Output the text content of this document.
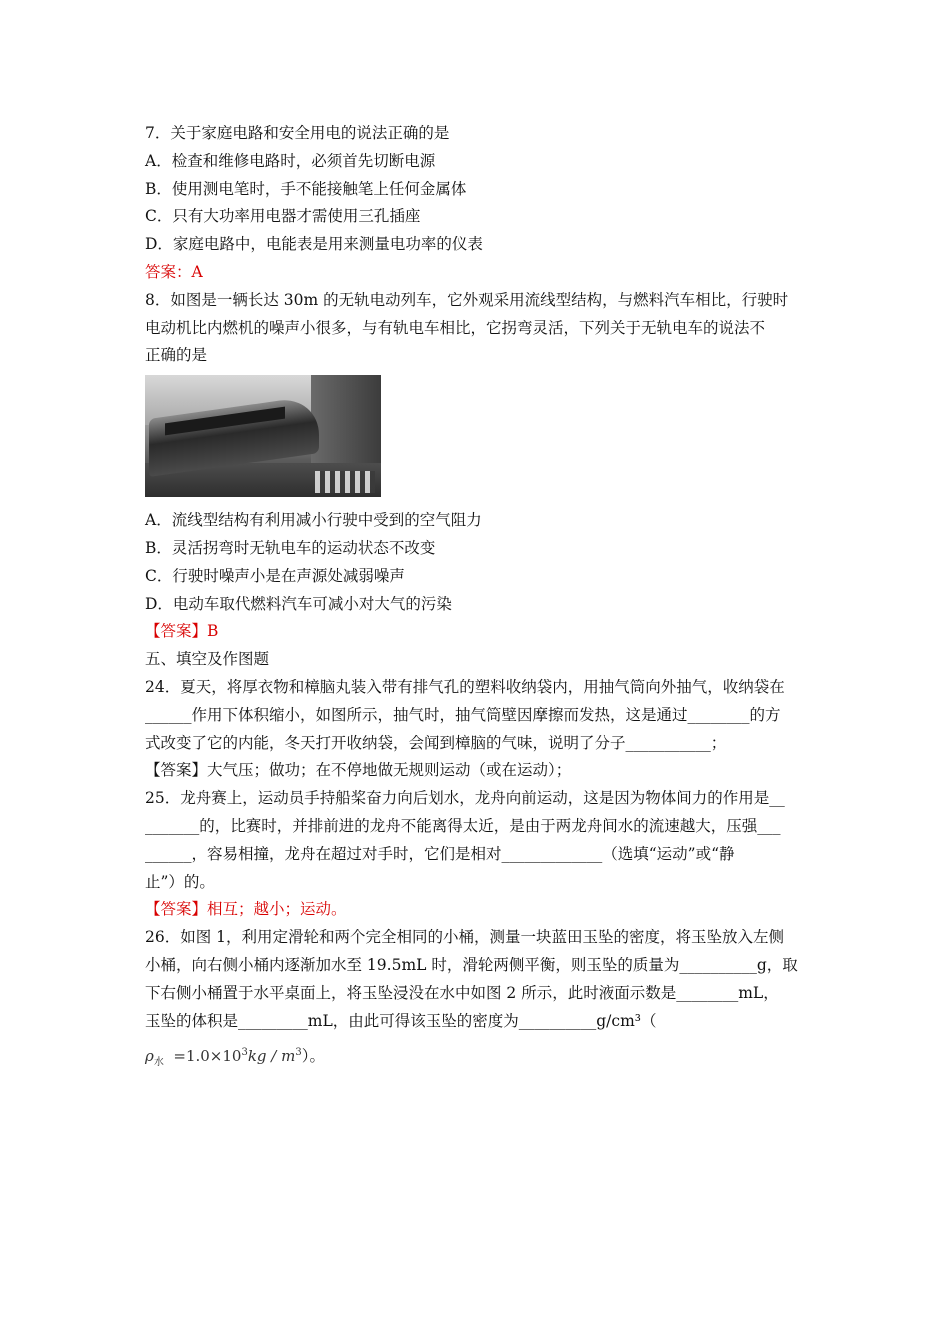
7．关于家庭电路和安全用电的说法正确的是
A．检查和维修电路时，必须首先切断电源
B．使用测电笔时，手不能接触笔上任何金属体
C．只有大功率用电器才需使用三孔插座
D．家庭电路中，电能表是用来测量电功率的仪表
答案：A
8．如图是一辆长达 30m 的无轨电动列车，它外观采用流线型结构，与燃料汽车相比，行驶时
电动机比内燃机的噪声小很多，与有轨电车相比，它拐弯灵活，下列关于无轨电车的说法不
正确的是
A．流线型结构有利用减小行驶中受到的空气阻力
B．灵活拐弯时无轨电车的运动状态不改变
C．行驶时噪声小是在声源处减弱噪声
D．电动车取代燃料汽车可减小对大气的污染
【答案】B
五、填空及作图题
24．夏天，将厚衣物和樟脑丸装入带有排气孔的塑料收纳袋内，用抽气筒向外抽气，收纳袋在
______作用下体积缩小，如图所示，抽气时，抽气筒壁因摩擦而发热，这是通过________的方
式改变了它的内能，冬天打开收纳袋，会闻到樟脑的气味，说明了分子___________；
【答案】大气压；做功；在不停地做无规则运动（或在运动）；
25．龙舟赛上，运动员手持船桨奋力向后划水，龙舟向前运动，这是因为物体间力的作用是__
_______的，比赛时，并排前进的龙舟不能离得太近，是由于两龙舟间水的流速越大，压强___
______，容易相撞，龙舟在超过对手时，它们是相对_____________（选填“运动”或“静
止”）的。
【答案】相互；越小；运动。
26．如图 1，利用定滑轮和两个完全相同的小桶，测量一块蓝田玉坠的密度，将玉坠放入左侧
小桶，向右侧小桶内逐渐加水至 19.5mL 时，滑轮两侧平衡，则玉坠的质量为__________g，取
下右侧小桶置于水平桌面上，将玉坠浸没在水中如图 2 所示，此时液面示数是________mL，
玉坠的体积是_________mL，由此可得该玉坠的密度为__________g/cm³（
$\rho_水 =1.0\times 10^3kg / m^3$）。
